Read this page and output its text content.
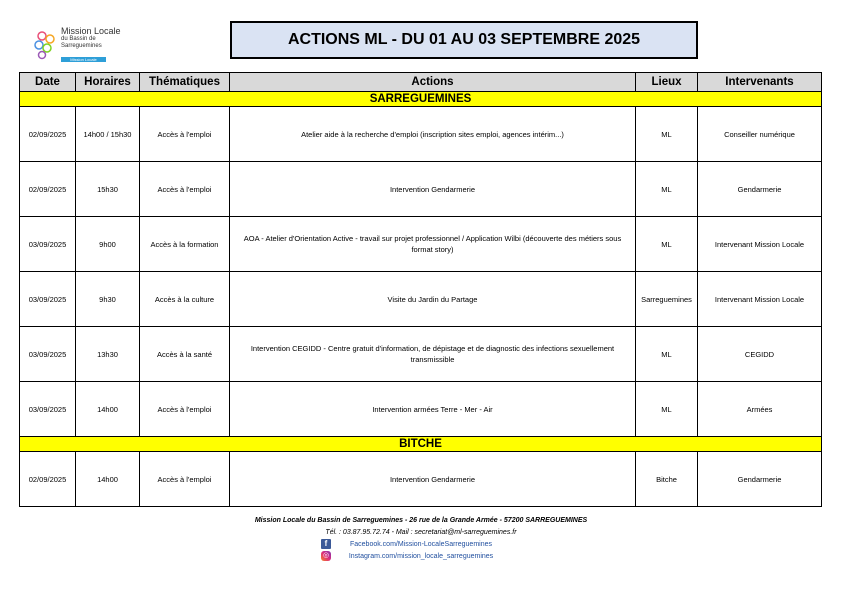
Mission Locale
du Bassin de
Sarreguemines
Mission Locale
ACTIONS ML - DU 01 AU 03 SEPTEMBRE 2025
Date	Horaires	Thématiques	Actions	Lieux	Intervenants
SARREGUEMINES					
02/09/2025	14h00 / 15h30	Accès à l'emploi	Atelier aide à la recherche d'emploi (inscription sites emploi, agences intérim...)	ML	Conseiller numérique
02/09/2025	15h30	Accès à l'emploi	Intervention Gendarmerie	ML	Gendarmerie
03/09/2025	9h00	Accès à la formation	AOA - Atelier d'Orientation Active - travail sur projet professionnel / Application Wilbi (découverte des métiers sous format story)	ML	Intervenant Mission Locale
03/09/2025	9h30	Accès à la culture	Visite du Jardin du Partage	Sarreguemines	Intervenant Mission Locale
03/09/2025	13h30	Accès à la santé	Intervention CEGIDD - Centre gratuit d'information, de dépistage et de diagnostic des infections sexuellement transmissible	ML	CEGIDD
03/09/2025	14h00	Accès à l'emploi	Intervention armées Terre - Mer - Air	ML	Armées
BITCHE					
02/09/2025	14h00	Accès à l'emploi	Intervention Gendarmerie	Bitche	Gendarmerie
Mission Locale du Bassin de Sarreguemines - 26 rue de la Grande Armée - 57200 SARREGUEMINES
Tél. : 03.87.95.72.74 - Mail : secretariat@ml-sarreguemines.fr
f	Facebook.com/Mission-LocaleSarreguemines
◎	Instagram.com/mission_locale_sarreguemines
